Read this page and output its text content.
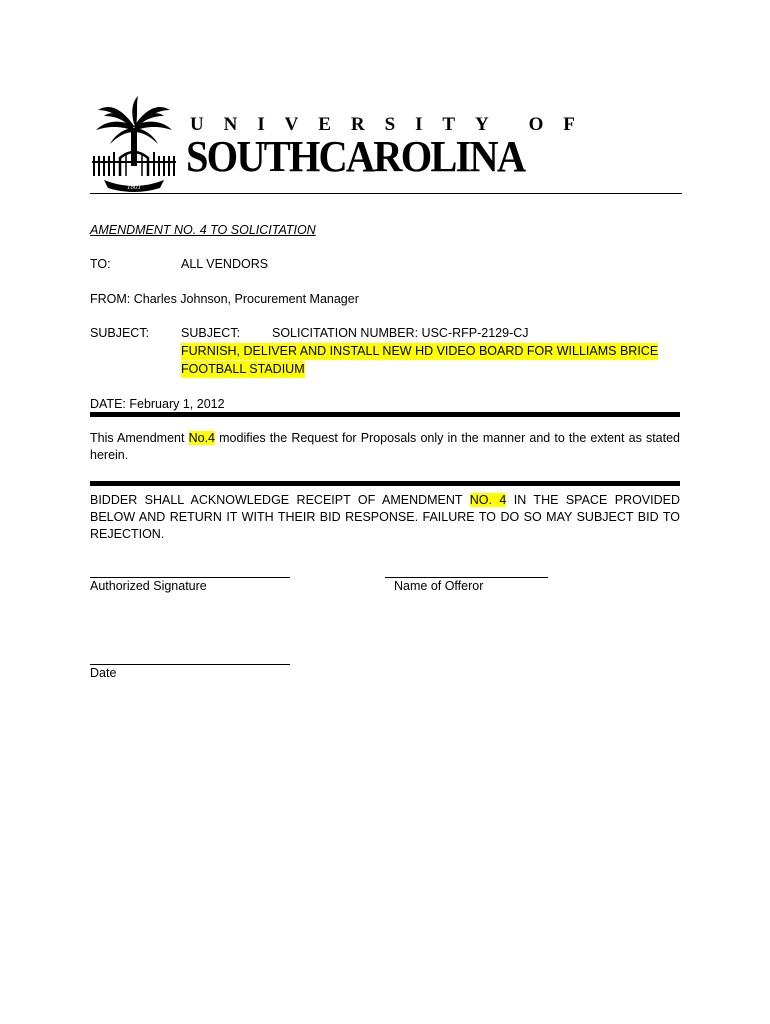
1801
U N I V E R S I T Y O F
SOUTHCAROLINA
AMENDMENT NO. 4 TO SOLICITATION
TO:	ALL VENDORS
FROM: Charles Johnson, Procurement Manager
SUBJECT:	SUBJECT:	SOLICITATION NUMBER: USC-RFP-2129-CJ
FURNISH, DELIVER AND INSTALL NEW HD VIDEO BOARD FOR WILLIAMS BRICE
FOOTBALL STADIUM
DATE: February 1, 2012
This Amendment No.4 modifies the Request for Proposals only in the manner and to the extent as stated herein.
BIDDER SHALL ACKNOWLEDGE RECEIPT OF AMENDMENT NO. 4 IN THE SPACE PROVIDED BELOW AND RETURN IT WITH THEIR BID RESPONSE. FAILURE TO DO SO MAY SUBJECT BID TO REJECTION.
Authorized Signature	Name of Offeror
Date
